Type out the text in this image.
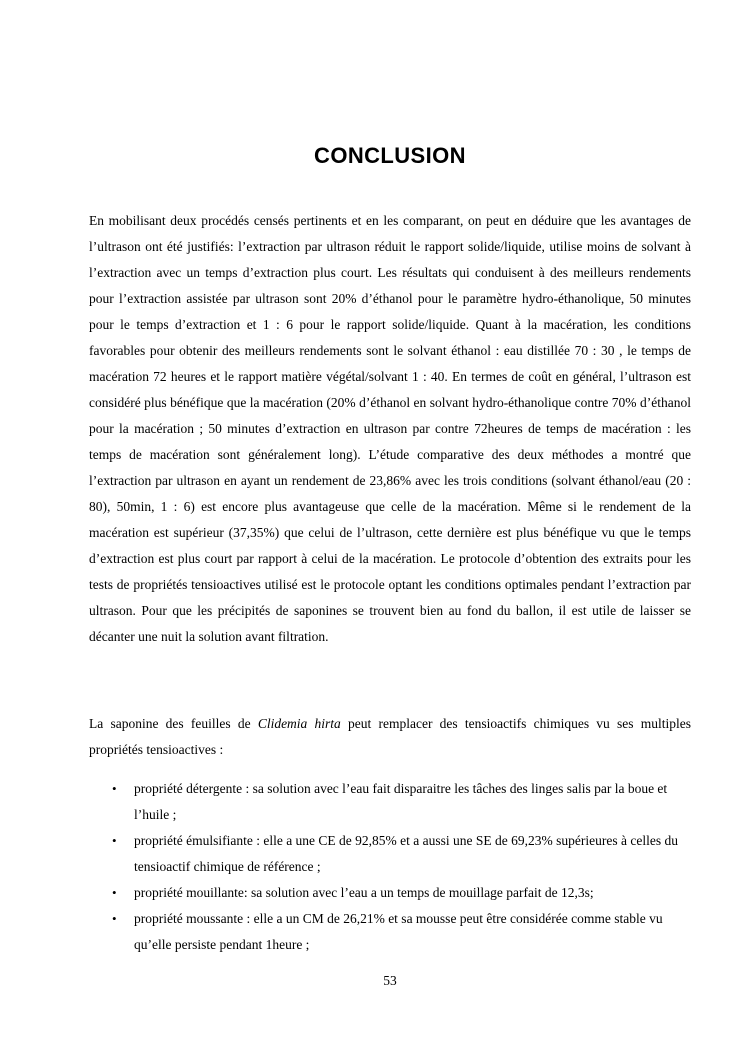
CONCLUSION

En mobilisant deux procédés censés pertinents et en les comparant, on peut en déduire que les avantages de l’ultrason ont été justifiés: l’extraction par ultrason réduit le rapport solide/liquide, utilise moins de solvant à l’extraction avec un temps d’extraction plus court. Les résultats qui conduisent à des meilleurs rendements pour l’extraction assistée par ultrason sont 20% d’éthanol pour le paramètre hydro-éthanolique, 50 minutes pour le temps d’extraction et 1 : 6 pour le rapport solide/liquide. Quant à la macération, les conditions favorables pour obtenir des meilleurs rendements sont le solvant éthanol : eau distillée 70 : 30 , le temps de macération 72 heures et le rapport matière végétal/solvant 1 : 40. En termes de coût en général, l’ultrason est considéré plus bénéfique que la macération (20% d’éthanol en solvant hydro-éthanolique contre 70% d’éthanol pour la macération ; 50 minutes d’extraction en ultrason par contre 72heures de temps de macération : les temps de macération sont généralement long). L’étude comparative des deux méthodes a montré que l’extraction par ultrason en ayant un rendement de 23,86% avec les trois conditions (solvant éthanol/eau (20 : 80), 50min, 1 : 6) est encore plus avantageuse que celle de la macération. Même si le rendement de la macération est supérieur (37,35%) que celui de l’ultrason, cette dernière est plus bénéfique vu que le temps d’extraction est plus court par rapport à celui de la macération. Le protocole d’obtention des extraits pour les tests de propriétés tensioactives utilisé est le protocole optant les conditions optimales pendant l’extraction par ultrason. Pour que les précipités de saponines se trouvent bien au fond du ballon, il est utile de laisser se décanter une nuit la solution avant filtration.

La saponine des feuilles de Clidemia hirta peut remplacer des tensioactifs chimiques vu ses multiples propriétés tensioactives :

• propriété détergente : sa solution avec l’eau fait disparaitre les tâches des linges salis par la boue et l’huile ;
• propriété émulsifiante : elle a une CE de 92,85% et a aussi une SE de 69,23% supérieures à celles du tensioactif chimique de référence ;
• propriété mouillante: sa solution avec l’eau a un temps de mouillage parfait de 12,3s;
• propriété moussante : elle a un CM de 26,21% et sa mousse peut être considérée comme stable vu qu’elle persiste pendant 1heure ;
53
